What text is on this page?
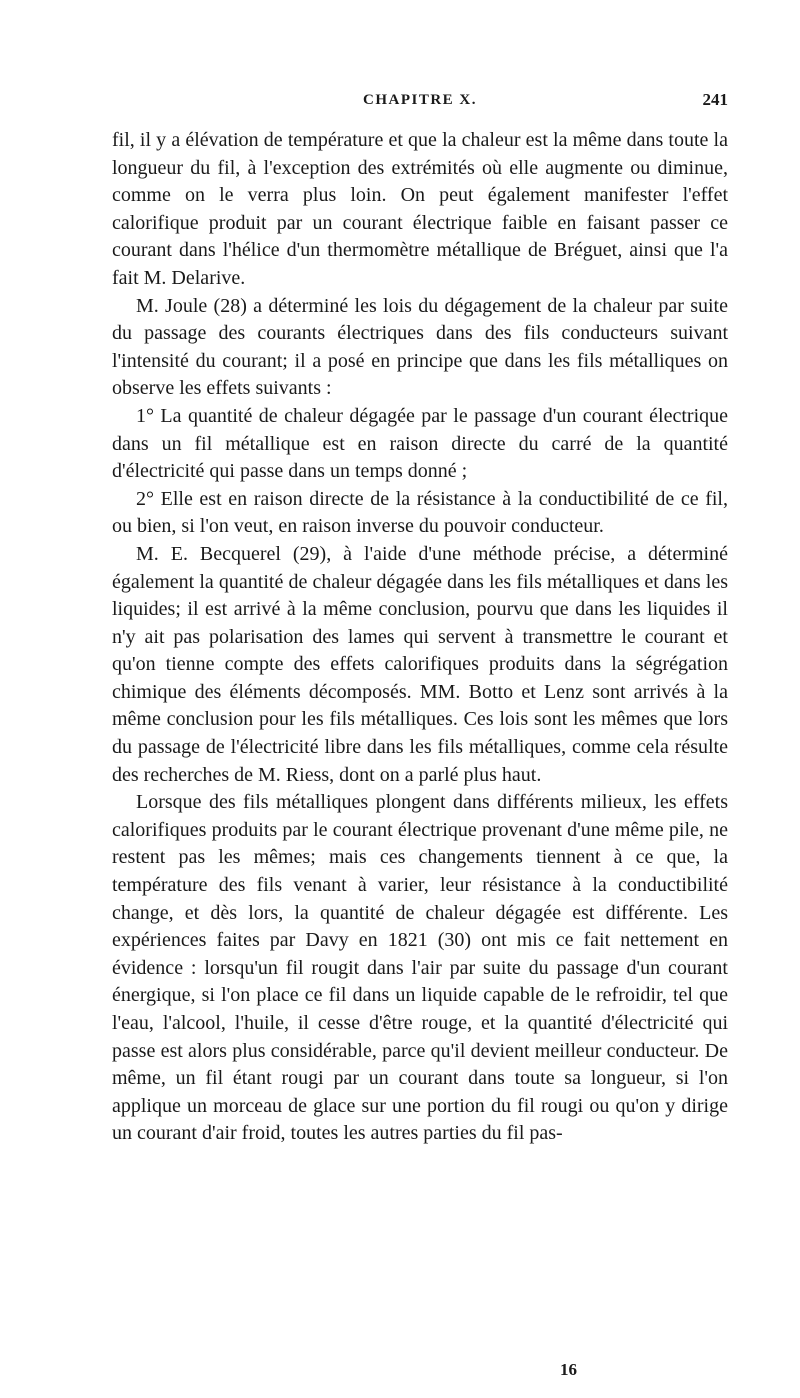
CHAPITRE X.	241

fil, il y a élévation de température et que la chaleur est la même dans toute la longueur du fil, à l'exception des extrémités où elle augmente ou diminue, comme on le verra plus loin. On peut également manifester l'effet calorifique produit par un courant électrique faible en faisant passer ce courant dans l'hélice d'un thermomètre métallique de Bréguet, ainsi que l'a fait M. Delarive.

M. Joule (28) a déterminé les lois du dégagement de la chaleur par suite du passage des courants électriques dans des fils conducteurs suivant l'intensité du courant; il a posé en principe que dans les fils métalliques on observe les effets suivants :

1° La quantité de chaleur dégagée par le passage d'un courant électrique dans un fil métallique est en raison directe du carré de la quantité d'électricité qui passe dans un temps donné ;

2° Elle est en raison directe de la résistance à la conductibilité de ce fil, ou bien, si l'on veut, en raison inverse du pouvoir conducteur.

M. E. Becquerel (29), à l'aide d'une méthode précise, a déterminé également la quantité de chaleur dégagée dans les fils métalliques et dans les liquides; il est arrivé à la même conclusion, pourvu que dans les liquides il n'y ait pas polarisation des lames qui servent à transmettre le courant et qu'on tienne compte des effets calorifiques produits dans la ségrégation chimique des éléments décomposés. MM. Botto et Lenz sont arrivés à la même conclusion pour les fils métalliques. Ces lois sont les mêmes que lors du passage de l'électricité libre dans les fils métalliques, comme cela résulte des recherches de M. Riess, dont on a parlé plus haut.

Lorsque des fils métalliques plongent dans différents milieux, les effets calorifiques produits par le courant électrique provenant d'une même pile, ne restent pas les mêmes; mais ces changements tiennent à ce que, la température des fils venant à varier, leur résistance à la conductibilité change, et dès lors, la quantité de chaleur dégagée est différente. Les expériences faites par Davy en 1821 (30) ont mis ce fait nettement en évidence : lorsqu'un fil rougit dans l'air par suite du passage d'un courant énergique, si l'on place ce fil dans un liquide capable de le refroidir, tel que l'eau, l'alcool, l'huile, il cesse d'être rouge, et la quantité d'électricité qui passe est alors plus considérable, parce qu'il devient meilleur conducteur. De même, un fil étant rougi par un courant dans toute sa longueur, si l'on applique un morceau de glace sur une portion du fil rougi ou qu'on y dirige un courant d'air froid, toutes les autres parties du fil pas-

16
